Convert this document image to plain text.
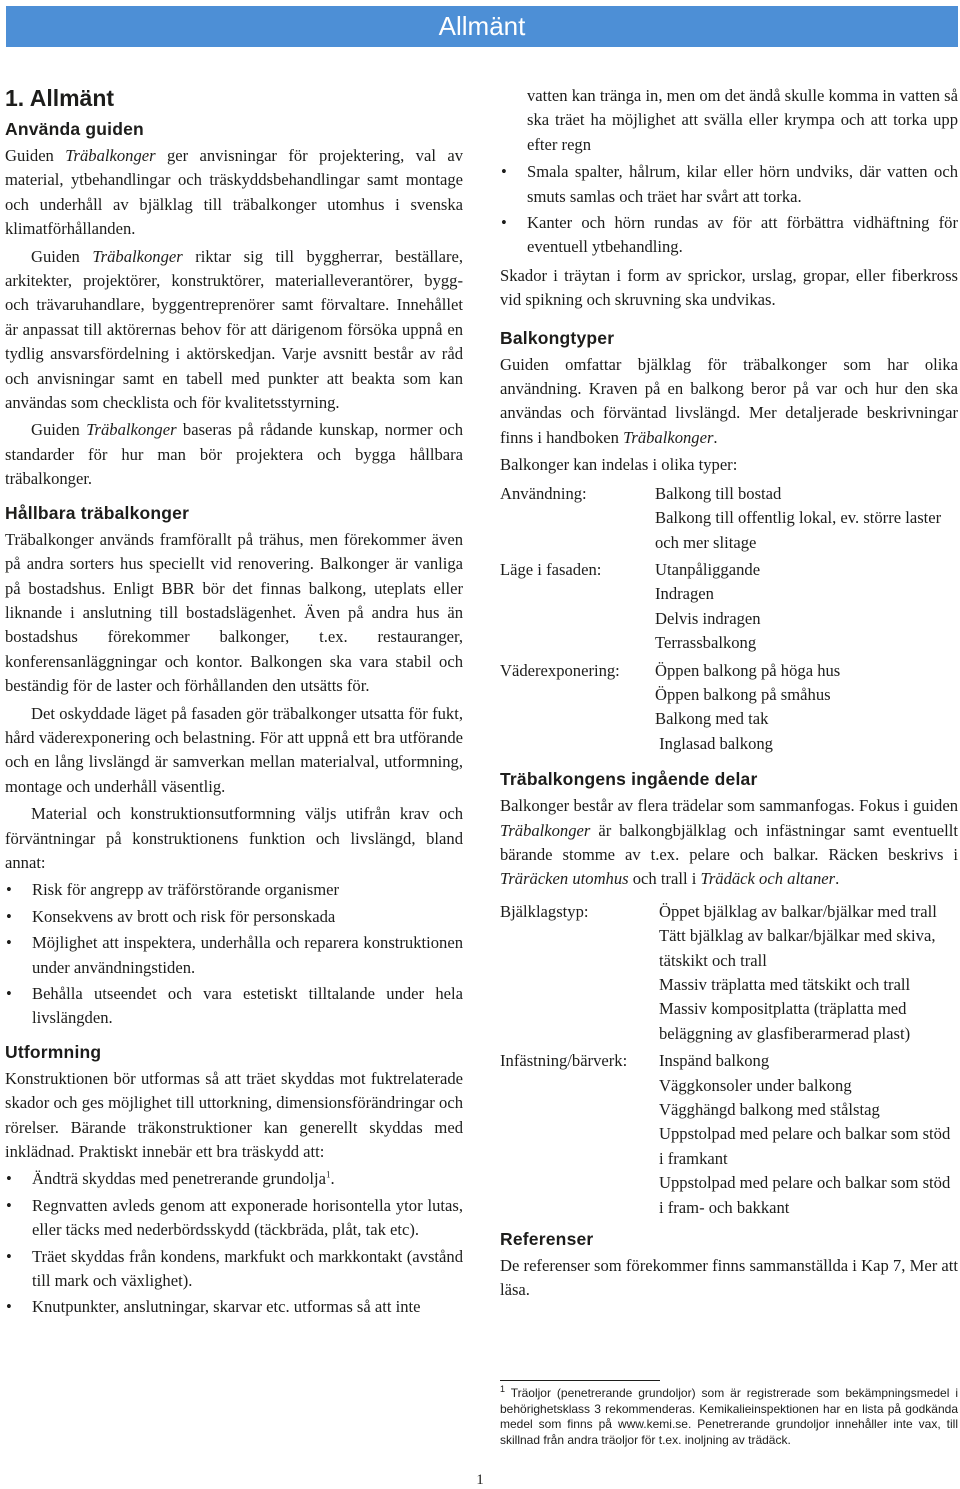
Allmänt
1. Allmänt
Använda guiden

Guiden Träbalkonger ger anvisningar för projektering, val av material, ytbehandlingar och träskyddsbehandlingar samt montage och underhåll av bjälklag till träbalkonger utomhus i svenska klimatförhållanden.

Guiden Träbalkonger riktar sig till byggherrar, beställare, arkitekter, projektörer, konstruktörer, materialleverantörer, bygg- och trävaruhandlare, byggentreprenörer samt förvaltare. Innehållet är anpassat till aktörernas behov för att därigenom försöka uppnå en tydlig ansvarsfördelning i aktörskedjan. Varje avsnitt består av råd och anvisningar samt en tabell med punkter att beakta som kan användas som checklista och för kvalitetsstyrning.

Guiden Träbalkonger baseras på rådande kunskap, normer och standarder för hur man bör projektera och bygga hållbara träbalkonger.

Hållbara träbalkonger

Träbalkonger används framförallt på trähus, men förekommer även på andra sorters hus speciellt vid renovering. Balkonger är vanliga på bostadshus. Enligt BBR bör det finnas balkong, uteplats eller liknande i anslutning till bostadslägenhet. Även på andra hus än bostadshus förekommer balkonger, t.ex. restauranger, konferensanläggningar och kontor. Balkongen ska vara stabil och beständig för de laster och förhållanden den utsätts för.

Det oskyddade läget på fasaden gör träbalkonger utsatta för fukt, hård väderexponering och belastning. För att uppnå ett bra utförande och en lång livslängd är samverkan mellan materialval, utformning, montage och underhåll väsentlig.

Material och konstruktionsutformning väljs utifrån krav och förväntningar på konstruktionens funktion och livslängd, bland annat:

• Risk för angrepp av träförstörande organismer
• Konsekvens av brott och risk för personskada
• Möjlighet att inspektera, underhålla och reparera konstruktionen under användningstiden.
• Behålla utseendet och vara estetiskt tilltalande under hela livslängden.
Utformning

Konstruktionen bör utformas så att träet skyddas mot fuktrelaterade skador och ges möjlighet till uttorkning, dimensionsförändringar och rörelser. Bärande träkonstruktioner kan generellt skyddas med inklädnad. Praktiskt innebär ett bra träskydd att:

• Ändträ skyddas med penetrerande grundolja$^1$.
• Regnvatten avleds genom att exponerade horisontella ytor lutas, eller täcks med nederbördsskydd (täckbräda, plåt, tak etc).
• Träet skyddas från kondens, markfukt och markkontakt (avstånd till mark och växlighet).
• Knutpunkter, anslutningar, skarvar etc. utformas så att inte

vatten kan tränga in, men om det ändå skulle komma in vatten så ska träet ha möjlighet att svälla eller krympa och att torka upp efter regn

• Smala spalter, hålrum, kilar eller hörn undviks, där vatten och smuts samlas och träet har svårt att torka.
• Kanter och hörn rundas av för att förbättra vidhäftning för eventuell ytbehandling.

Skador i träytan i form av sprickor, urslag, gropar, eller fiberkross vid spikning och skruvning ska undvikas.

Balkongtyper

Guiden omfattar bjälklag för träbalkonger som har olika användning. Kraven på en balkong beror på var och hur den ska användas och förväntad livslängd. Mer detaljerade beskrivningar finns i handboken Träbalkonger.

Balkonger kan indelas i olika typer:

Användning:	Balkong till bostad
Balkong till offentlig lokal, ev. större laster och mer slitage
Läge i fasaden:	Utanpåliggande
Indragen
Delvis indragen
Terrassbalkong
Väderexponering:	Öppen balkong på höga hus
Öppen balkong på småhus
Balkong med tak
Inglasad balkong
Träbalkongens ingående delar

Balkonger består av flera trädelar som sammanfogas. Fokus i guiden Träbalkonger är balkongbjälklag och infästningar samt eventuellt bärande stomme av t.ex. pelare och balkar. Räcken beskrivs i Träräcken utomhus och trall i Trädäck och altaner.

Bjälklagstyp:	Öppet bjälklag av balkar/bjälkar med trall
Tätt bjälklag av balkar/bjälkar med skiva, tätskikt och trall
Massiv träplatta med tätskikt och trall
Massiv kompositplatta (träplatta med beläggning av glasfiberarmerad plast)
Infästning/bärverk:	Inspänd balkong
Väggkonsoler under balkong
Vägghängd balkong med stålstag
Uppstolpad med pelare och balkar som stöd i framkant
Uppstolpad med pelare och balkar som stöd i fram- och bakkant
Referenser

De referenser som förekommer finns sammanställda i Kap 7, Mer att läsa.

$^1$ Träoljor (penetrerande grundoljor) som är registrerade som bekämpningsmedel i behörighetsklass 3 rekommenderas. Kemikalieinspektionen har en lista på godkända medel som finns på www.kemi.se. Penetrerande grundoljor innehåller inte vax, till skillnad från andra träoljor för t.ex. inoljning av trädäck.
1
